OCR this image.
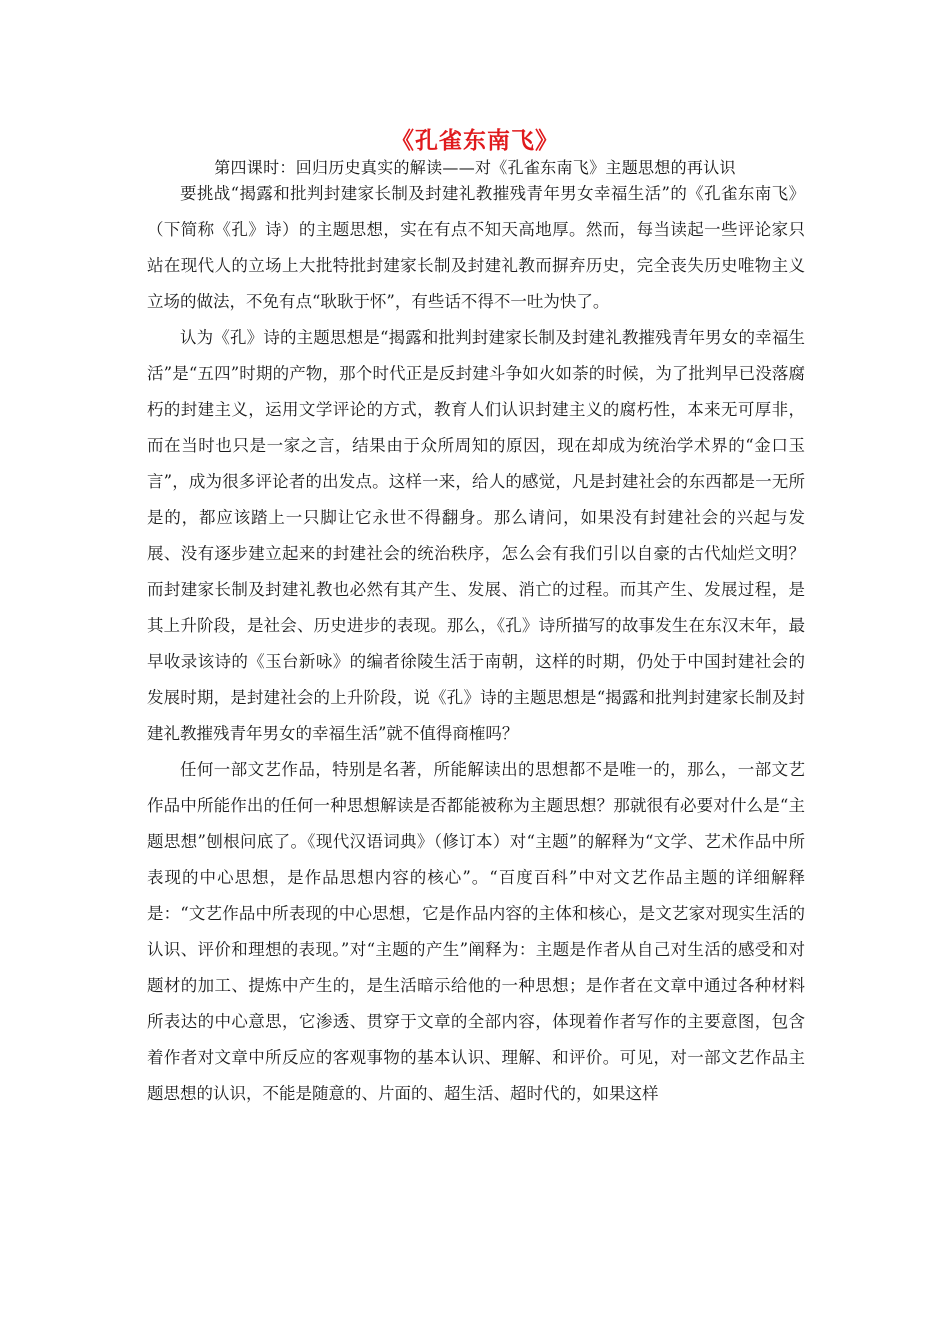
《孔雀东南飞》
第四课时：回归历史真实的解读——对《孔雀东南飞》主题思想的再认识

要挑战“揭露和批判封建家长制及封建礼教摧残青年男女幸福生活”的《孔雀东南飞》（下简称《孔》诗）的主题思想，实在有点不知天高地厚。然而，每当读起一些评论家只站在现代人的立场上大批特批封建家长制及封建礼教而摒弃历史，完全丧失历史唯物主义立场的做法，不免有点“耿耿于怀”，有些话不得不一吐为快了。

认为《孔》诗的主题思想是“揭露和批判封建家长制及封建礼教摧残青年男女的幸福生活”是“五四”时期的产物，那个时代正是反封建斗争如火如荼的时候，为了批判早已没落腐朽的封建主义，运用文学评论的方式，教育人们认识封建主义的腐朽性，本来无可厚非，而在当时也只是一家之言，结果由于众所周知的原因，现在却成为统治学术界的“金口玉言”，成为很多评论者的出发点。这样一来，给人的感觉，凡是封建社会的东西都是一无所是的，都应该踏上一只脚让它永世不得翻身。那么请问，如果没有封建社会的兴起与发展、没有逐步建立起来的封建社会的统治秩序，怎么会有我们引以自豪的古代灿烂文明？而封建家长制及封建礼教也必然有其产生、发展、消亡的过程。而其产生、发展过程，是其上升阶段，是社会、历史进步的表现。那么，《孔》诗所描写的故事发生在东汉末年，最早收录该诗的《玉台新咏》的编者徐陵生活于南朝，这样的时期，仍处于中国封建社会的发展时期，是封建社会的上升阶段，说《孔》诗的主题思想是“揭露和批判封建家长制及封建礼教摧残青年男女的幸福生活”就不值得商榷吗？

任何一部文艺作品，特别是名著，所能解读出的思想都不是唯一的，那么，一部文艺作品中所能作出的任何一种思想解读是否都能被称为主题思想？那就很有必要对什么是“主题思想”刨根问底了。《现代汉语词典》（修订本）对“主题”的解释为“文学、艺术作品中所表现的中心思想，是作品思想内容的核心”。“百度百科”中对文艺作品主题的详细解释是：“文艺作品中所表现的中心思想，它是作品内容的主体和核心，是文艺家对现实生活的认识、评价和理想的表现。”对“主题的产生”阐释为：主题是作者从自己对生活的感受和对题材的加工、提炼中产生的，是生活暗示给他的一种思想；是作者在文章中通过各种材料所表达的中心意思，它渗透、贯穿于文章的全部内容，体现着作者写作的主要意图，包含着作者对文章中所反应的客观事物的基本认识、理解、和评价。可见，对一部文艺作品主题思想的认识，不能是随意的、片面的、超生活、超时代的，如果这样
